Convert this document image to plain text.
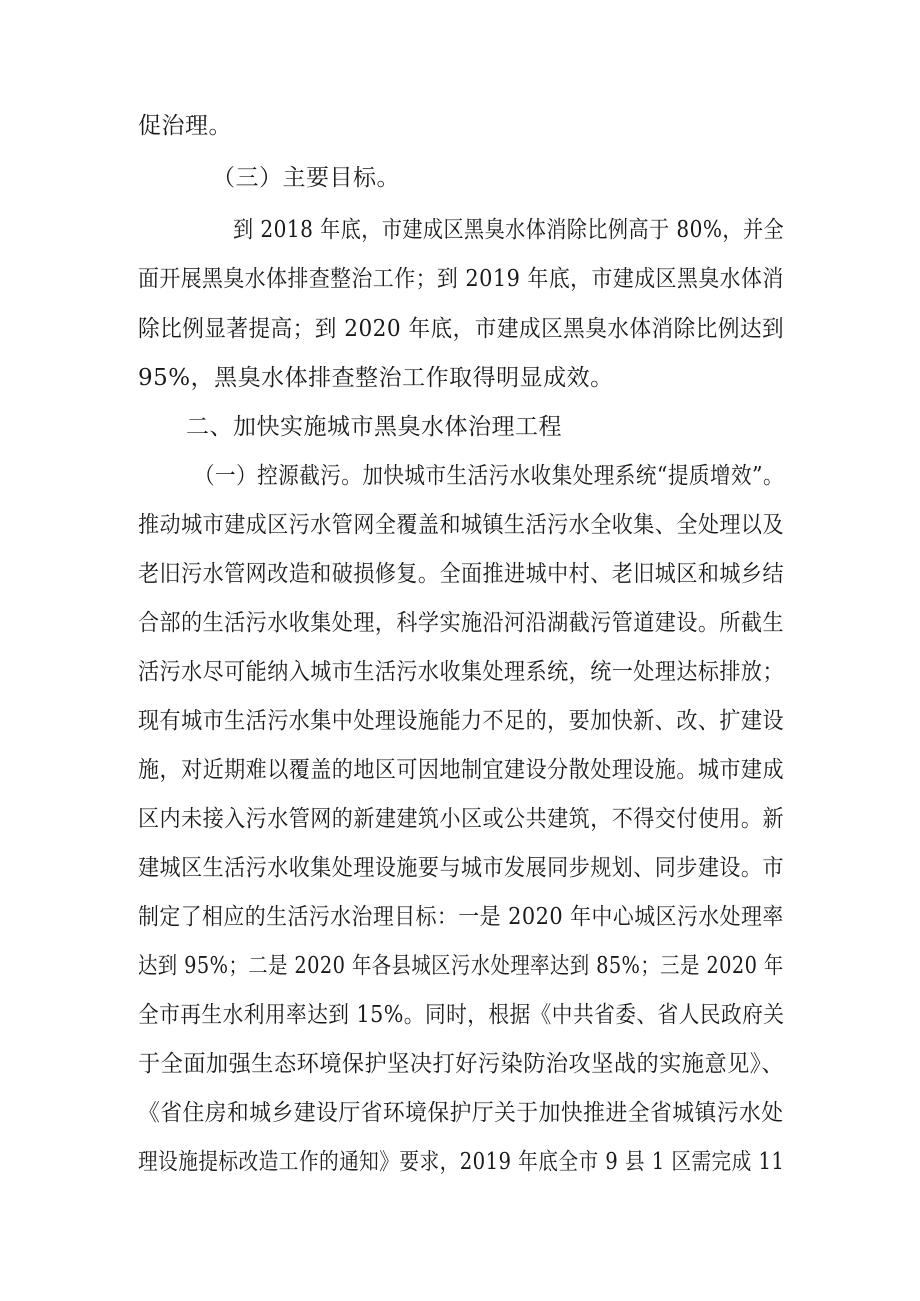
促治理。
（三）主要目标。
到 2018 年底，市建成区黑臭水体消除比例高于 80%，并全
面开展黑臭水体排查整治工作；到 2019 年底，市建成区黑臭水体消
除比例显著提高；到 2020 年底，市建成区黑臭水体消除比例达到
95%，黑臭水体排查整治工作取得明显成效。
二、加快实施城市黑臭水体治理工程
（一）控源截污。加快城市生活污水收集处理系统“提质增效”。
推动城市建成区污水管网全覆盖和城镇生活污水全收集、全处理以及
老旧污水管网改造和破损修复。全面推进城中村、老旧城区和城乡结
合部的生活污水收集处理，科学实施沿河沿湖截污管道建设。所截生
活污水尽可能纳入城市生活污水收集处理系统，统一处理达标排放；
现有城市生活污水集中处理设施能力不足的，要加快新、改、扩建设
施，对近期难以覆盖的地区可因地制宜建设分散处理设施。城市建成
区内未接入污水管网的新建建筑小区或公共建筑，不得交付使用。新
建城区生活污水收集处理设施要与城市发展同步规划、同步建设。市
制定了相应的生活污水治理目标：一是 2020 年中心城区污水处理率
达到 95%；二是 2020 年各县城区污水处理率达到 85%；三是 2020 年
全市再生水利用率达到 15%。同时，根据《中共省委、省人民政府关
于全面加强生态环境保护坚决打好污染防治攻坚战的实施意见》、
《省住房和城乡建设厅省环境保护厅关于加快推进全省城镇污水处
理设施提标改造工作的通知》要求，2019 年底全市 9 县 1 区需完成 11
